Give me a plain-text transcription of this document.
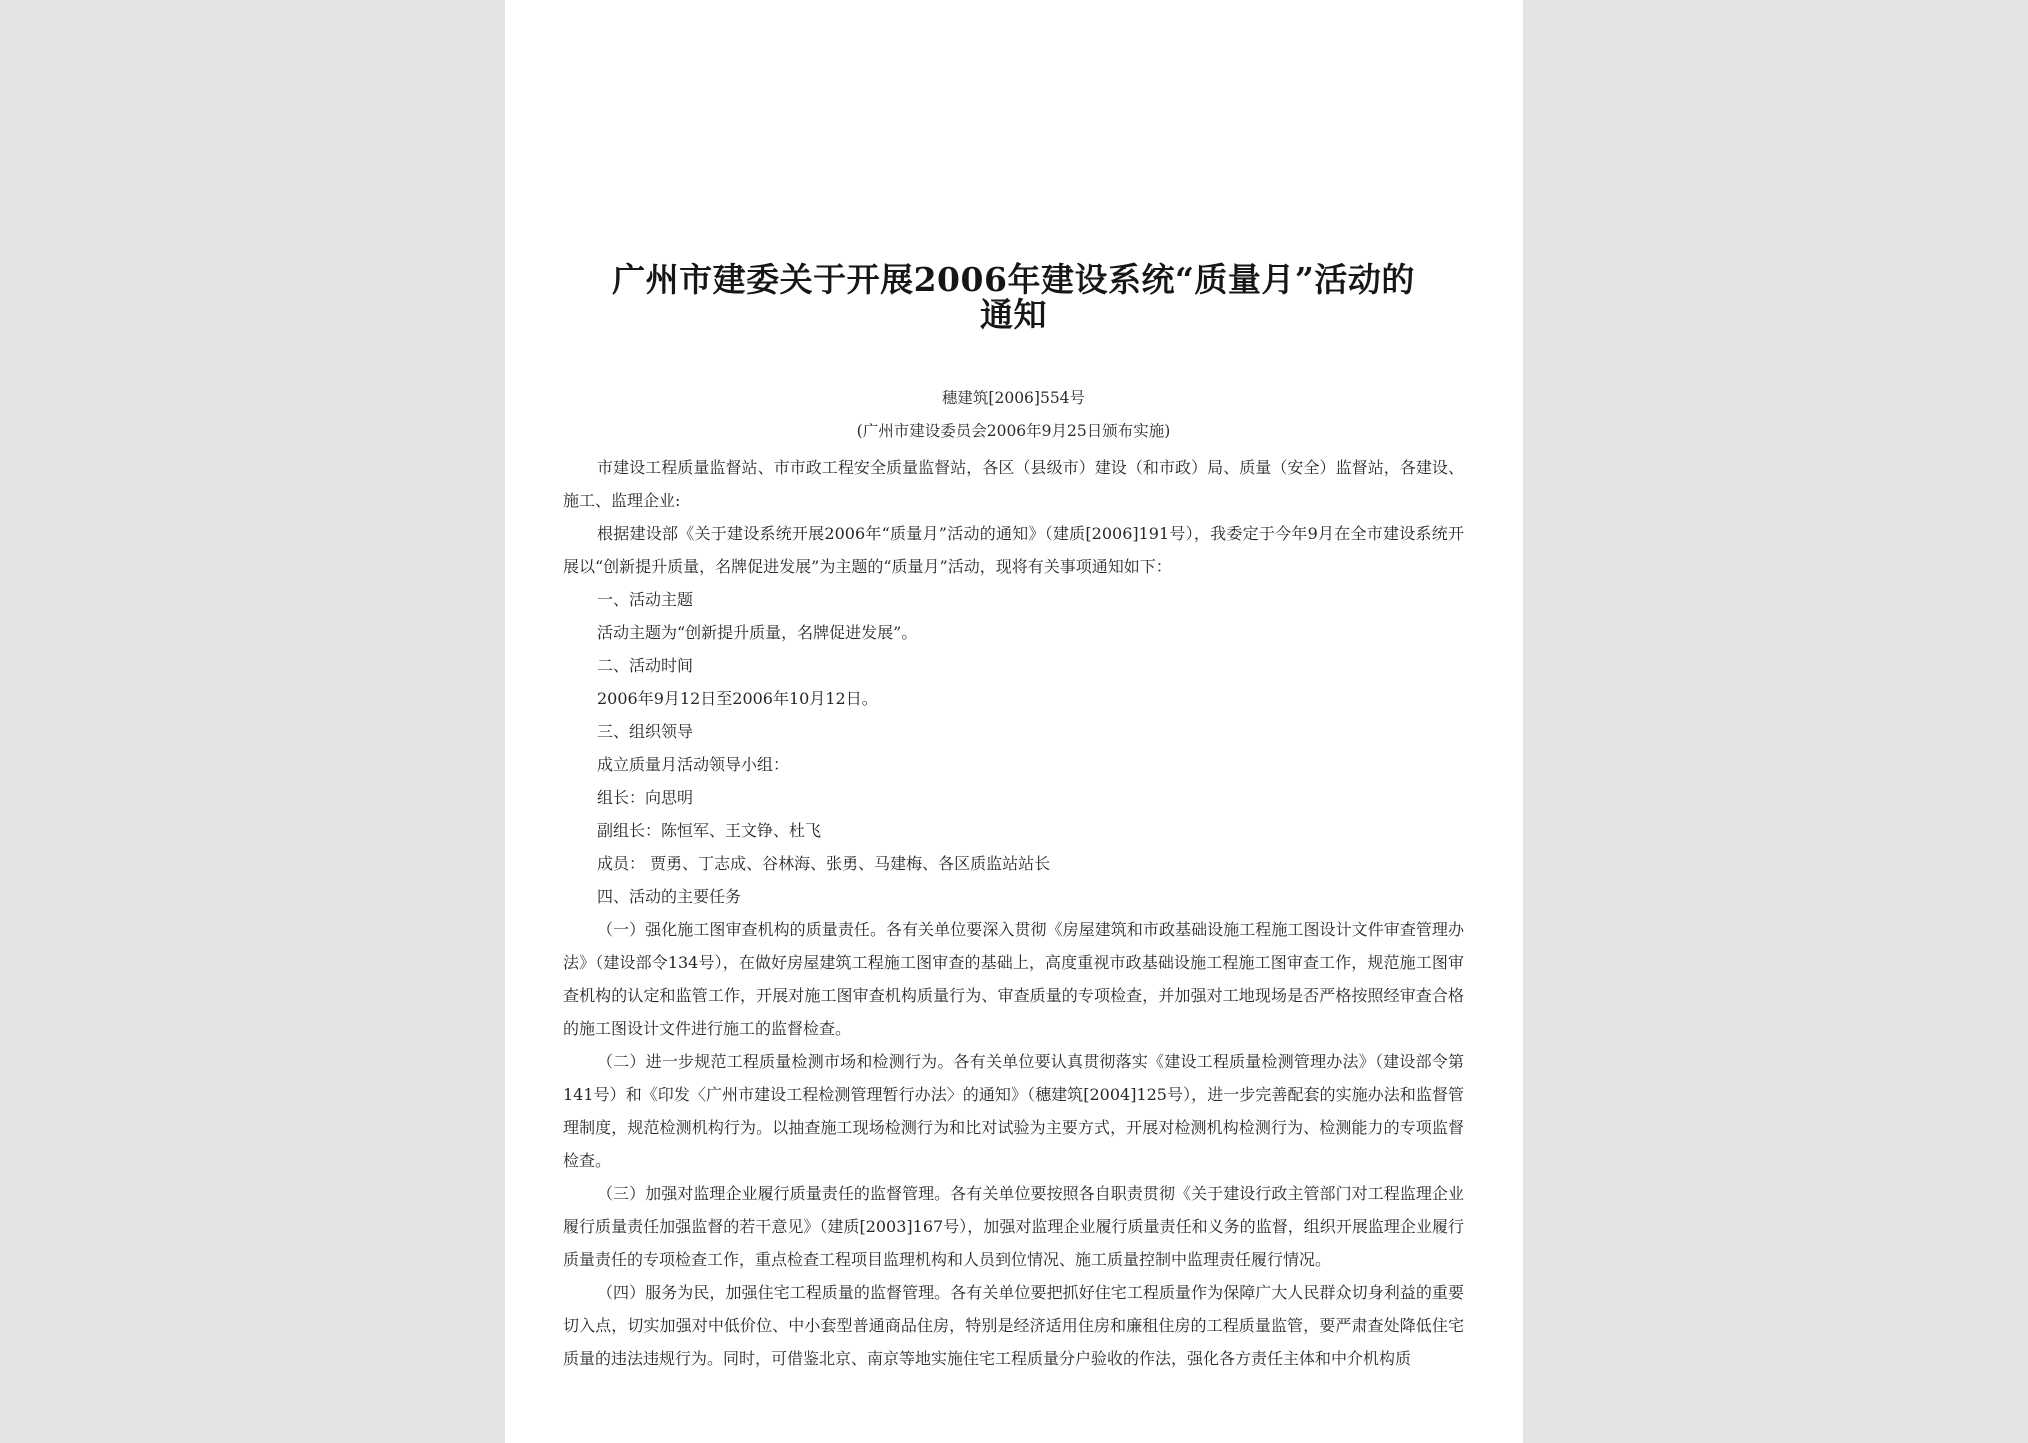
广州市建委关于开展2006年建设系统“质量月”活动的
通知
穗建筑[2006]554号
(广州市建设委员会2006年9月25日颁布实施)

市建设工程质量监督站、市市政工程安全质量监督站，各区（县级市）建设（和市政）局、质量（安全）监督站，各建设、施工、监理企业:

根据建设部《关于建设系统开展2006年“质量月”活动的通知》（建质[2006]191号），我委定于今年9月在全市建设系统开展以“创新提升质量，名牌促进发展”为主题的“质量月”活动，现将有关事项通知如下：

一、活动主题

活动主题为“创新提升质量，名牌促进发展”。

二、活动时间

2006年9月12日至2006年10月12日。

三、组织领导

成立质量月活动领导小组：

组长：向思明

副组长：陈恒军、王文铮、杜飞

成员： 贾勇、丁志成、谷林海、张勇、马建梅、各区质监站站长

四、活动的主要任务

（一）强化施工图审查机构的质量责任。各有关单位要深入贯彻《房屋建筑和市政基础设施工程施工图设计文件审查管理办法》（建设部令134号），在做好房屋建筑工程施工图审查的基础上，高度重视市政基础设施工程施工图审查工作，规范施工图审查机构的认定和监管工作，开展对施工图审查机构质量行为、审查质量的专项检查，并加强对工地现场是否严格按照经审查合格的施工图设计文件进行施工的监督检查。

（二）进一步规范工程质量检测市场和检测行为。各有关单位要认真贯彻落实《建设工程质量检测管理办法》（建设部令第141号）和《印发〈广州市建设工程检测管理暂行办法〉的通知》（穗建筑[2004]125号），进一步完善配套的实施办法和监督管理制度，规范检测机构行为。以抽查施工现场检测行为和比对试验为主要方式，开展对检测机构检测行为、检测能力的专项监督检查。

（三）加强对监理企业履行质量责任的监督管理。各有关单位要按照各自职责贯彻《关于建设行政主管部门对工程监理企业履行质量责任加强监督的若干意见》（建质[2003]167号），加强对监理企业履行质量责任和义务的监督，组织开展监理企业履行质量责任的专项检查工作，重点检查工程项目监理机构和人员到位情况、施工质量控制中监理责任履行情况。

（四）服务为民，加强住宅工程质量的监督管理。各有关单位要把抓好住宅工程质量作为保障广大人民群众切身利益的重要切入点，切实加强对中低价位、中小套型普通商品住房，特别是经济适用住房和廉租住房的工程质量监管，要严肃查处降低住宅质量的违法违规行为。同时，可借鉴北京、南京等地实施住宅工程质量分户验收的作法，强化各方责任主体和中介机构质
